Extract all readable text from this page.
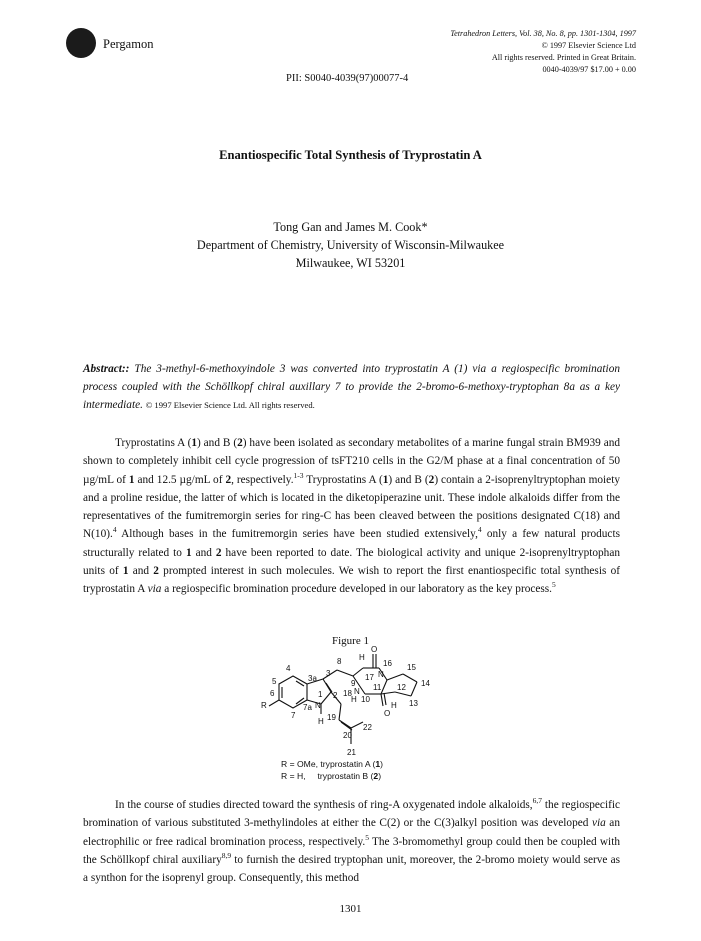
Pergamon
Tetrahedron Letters, Vol. 38, No. 8, pp. 1301-1304, 1997
© 1997 Elsevier Science Ltd
All rights reserved. Printed in Great Britain.
0040-4039/97 $17.00 + 0.00
PII: S0040-4039(97)00077-4
Enantiospecific Total Synthesis of Tryprostatin A
Tong Gan and James M. Cook*
Department of Chemistry, University of Wisconsin-Milwaukee
Milwaukee, WI 53201
Abstract:: The 3-methyl-6-methoxyindole 3 was converted into tryprostatin A (1) via a regiospecific bromination process coupled with the Schöllkopf chiral auxillary 7 to provide the 2-bromo-6-methoxy-tryptophan 8a as a key intermediate. © 1997 Elsevier Science Ltd. All rights reserved.
Tryprostatins A (1) and B (2) have been isolated as secondary metabolites of a marine fungal strain BM939 and shown to completely inhibit cell cycle progression of tsFT210 cells in the G2/M phase at a final concentration of 50 µg/mL of 1 and 12.5 µg/mL of 2, respectively.$^{1-3}$ Tryprostatins A (1) and B (2) contain a 2-isoprenyltryptophan moiety and a proline residue, the latter of which is located in the diketopiperazine unit. These indole alkaloids differ from the representatives of the fumitremorgin series for ring-C has been cleaved between the positions designated C(18) and N(10).$^4$ Although bases in the fumitremorgin series have been studied extensively,$^4$ only a few natural products structurally related to 1 and 2 have been reported to date. The biological activity and unique 2-isoprenyltryptophan units of 1 and 2 prompted interest in such molecules. We wish to report the first enantiospecific total synthesis of tryprostatin A via a regiospecific bromination procedure developed in our laboratory as the key process.$^5$
Figure 1
4
3a
3
8 H
O
5
6
R
7
7a N
1 2
H
9
17 N
16 15
14
13
12
18 N 11
10
H
H
O
19
20
22
21
R = OMe, tryprostatin A (1)
R = H,     tryprostatin B (2)
In the course of studies directed toward the synthesis of ring-A oxygenated indole alkaloids,$^{6,7}$ the regiospecific bromination of various substituted 3-methylindoles at either the C(2) or the C(3)alkyl position was developed via an electrophilic or free radical bromination process, respectively.$^5$ The 3-bromomethyl group could then be coupled with the Schöllkopf chiral auxiliary$^{8,9}$ to furnish the desired tryptophan unit, moreover, the 2-bromo moiety would serve as a synthon for the isoprenyl group. Consequently, this method
1301
